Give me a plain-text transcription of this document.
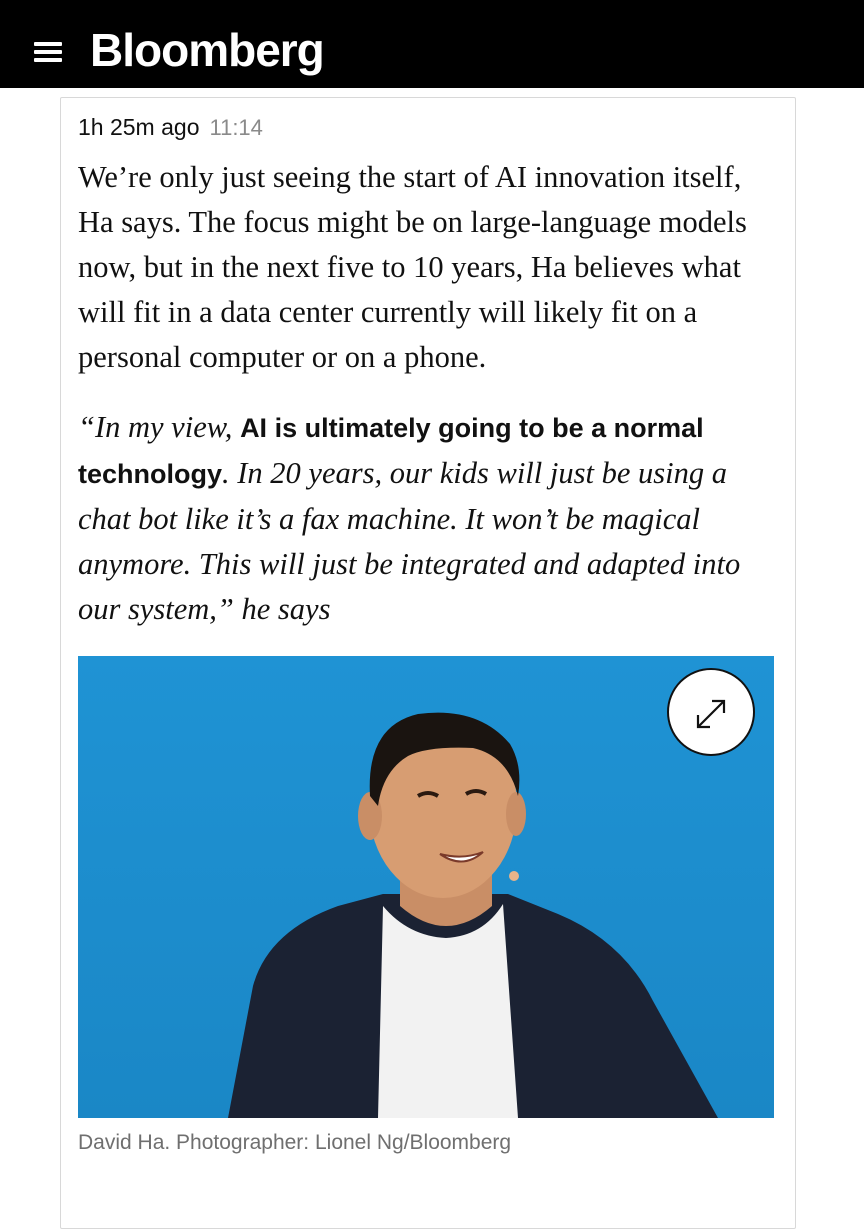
Bloomberg
1h 25m ago 11:14

We’re only just seeing the start of AI innovation itself, Ha says. The focus might be on large-language models now, but in the next five to 10 years, Ha believes what will fit in a data center currently will likely fit on a personal computer or on a phone.

“In my view, AI is ultimately going to be a normal technology. In 20 years, our kids will just be using a chat bot like it’s a fax machine. It won’t be magical anymore. This will just be integrated and adapted into our system,” he says

David Ha. Photographer: Lionel Ng/Bloomberg
